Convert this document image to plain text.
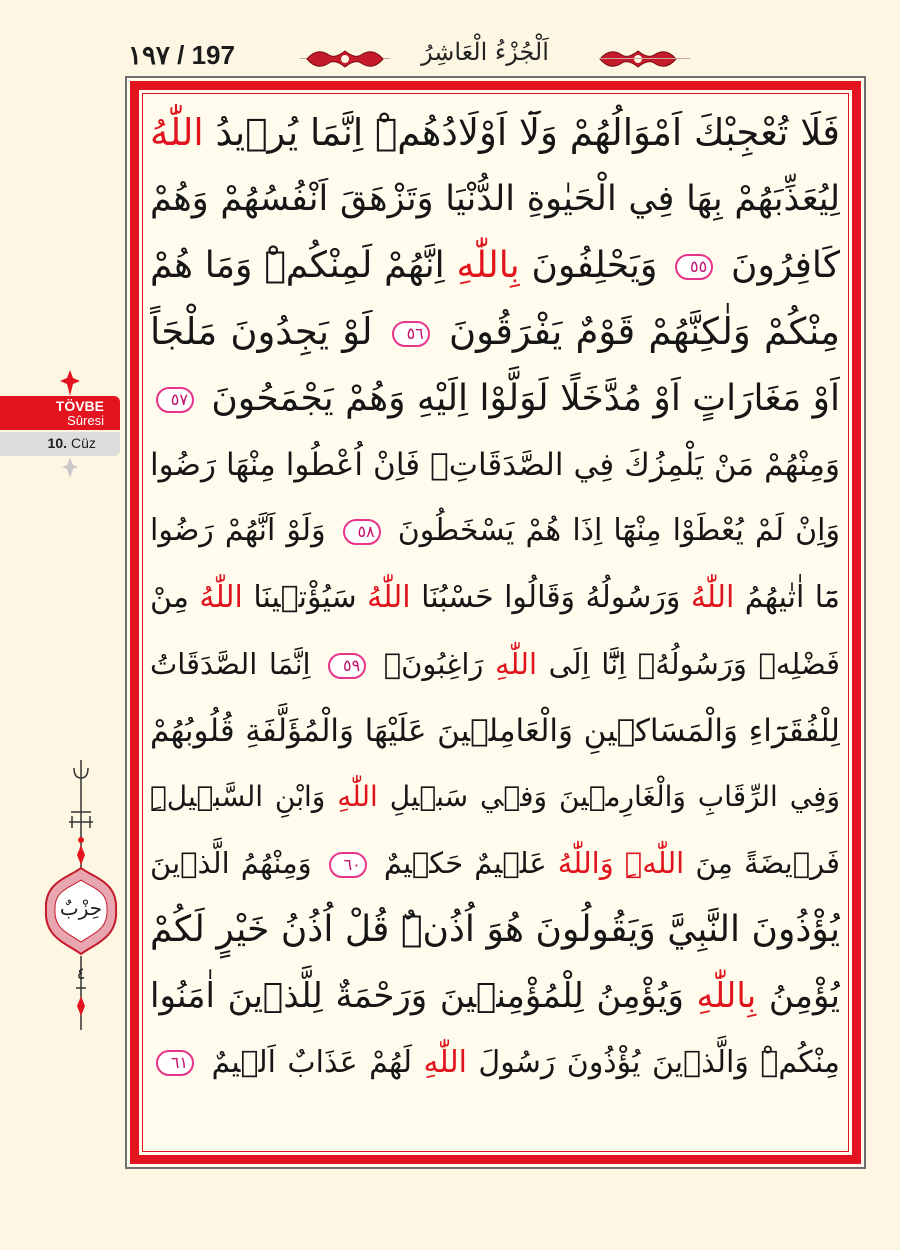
١٩٧ / 197	اَلْجُزْءُ الْعَاشِرُ
فَلَا تُعْجِبْكَ اَمْوَالُهُمْ وَلَٓا اَوْلَادُهُمْۜ اِنَّمَا يُر۪يدُ اللّٰهُ
لِيُعَذِّبَهُمْ بِهَا فِي الْحَيٰوةِ الدُّنْيَا وَتَزْهَقَ اَنْفُسُهُمْ وَهُمْ
كَافِرُونَ ٥٥ وَيَحْلِفُونَ بِاللّٰهِ اِنَّهُمْ لَمِنْكُمْۜ وَمَا هُمْ
مِنْكُمْ وَلٰكِنَّهُمْ قَوْمٌ يَفْرَقُونَ ٥٦ لَوْ يَجِدُونَ مَلْجَاً
اَوْ مَغَارَاتٍ اَوْ مُدَّخَلًا لَوَلَّوْا اِلَيْهِ وَهُمْ يَجْمَحُونَ ٥٧
وَمِنْهُمْ مَنْ يَلْمِزُكَ فِي الصَّدَقَاتِۚ فَاِنْ اُعْطُوا مِنْهَا رَضُوا
وَاِنْ لَمْ يُعْطَوْا مِنْهَٓا اِذَا هُمْ يَسْخَطُونَ ٥٨ وَلَوْ اَنَّهُمْ رَضُوا
مَٓا اٰتٰيهُمُ اللّٰهُ وَرَسُولُهُ وَقَالُوا حَسْبُنَا اللّٰهُ سَيُؤْت۪ينَا اللّٰهُ مِنْ
فَضْلِه۪ وَرَسُولُهُۙ اِنَّٓا اِلَى اللّٰهِ رَاغِبُونَ۟ ٥٩ اِنَّمَا الصَّدَقَاتُ
لِلْفُقَرَٓاءِ وَالْمَسَاك۪ينِ وَالْعَامِل۪ينَ عَلَيْهَا وَالْمُؤَلَّفَةِ قُلُوبُهُمْ
وَفِي الرِّقَابِ وَالْغَارِم۪ينَ وَف۪ي سَب۪يلِ اللّٰهِ وَابْنِ السَّب۪يلِۜ
فَر۪يضَةً مِنَ اللّٰهِۜ وَاللّٰهُ عَل۪يمٌ حَك۪يمٌ ٦٠ وَمِنْهُمُ الَّذ۪ينَ
يُؤْذُونَ النَّبِيَّ وَيَقُولُونَ هُوَ اُذُنٌۜ قُلْ اُذُنُ خَيْرٍ لَكُمْ
يُؤْمِنُ بِاللّٰهِ وَيُؤْمِنُ لِلْمُؤْمِن۪ينَ وَرَحْمَةٌ لِلَّذ۪ينَ اٰمَنُوا
مِنْكُمْۜ وَالَّذ۪ينَ يُؤْذُونَ رَسُولَ اللّٰهِ لَهُمْ عَذَابٌ اَل۪يمٌ ٦١
TÖVBE
Sûresi
10. Cüz
حِزْبٌ
٤
